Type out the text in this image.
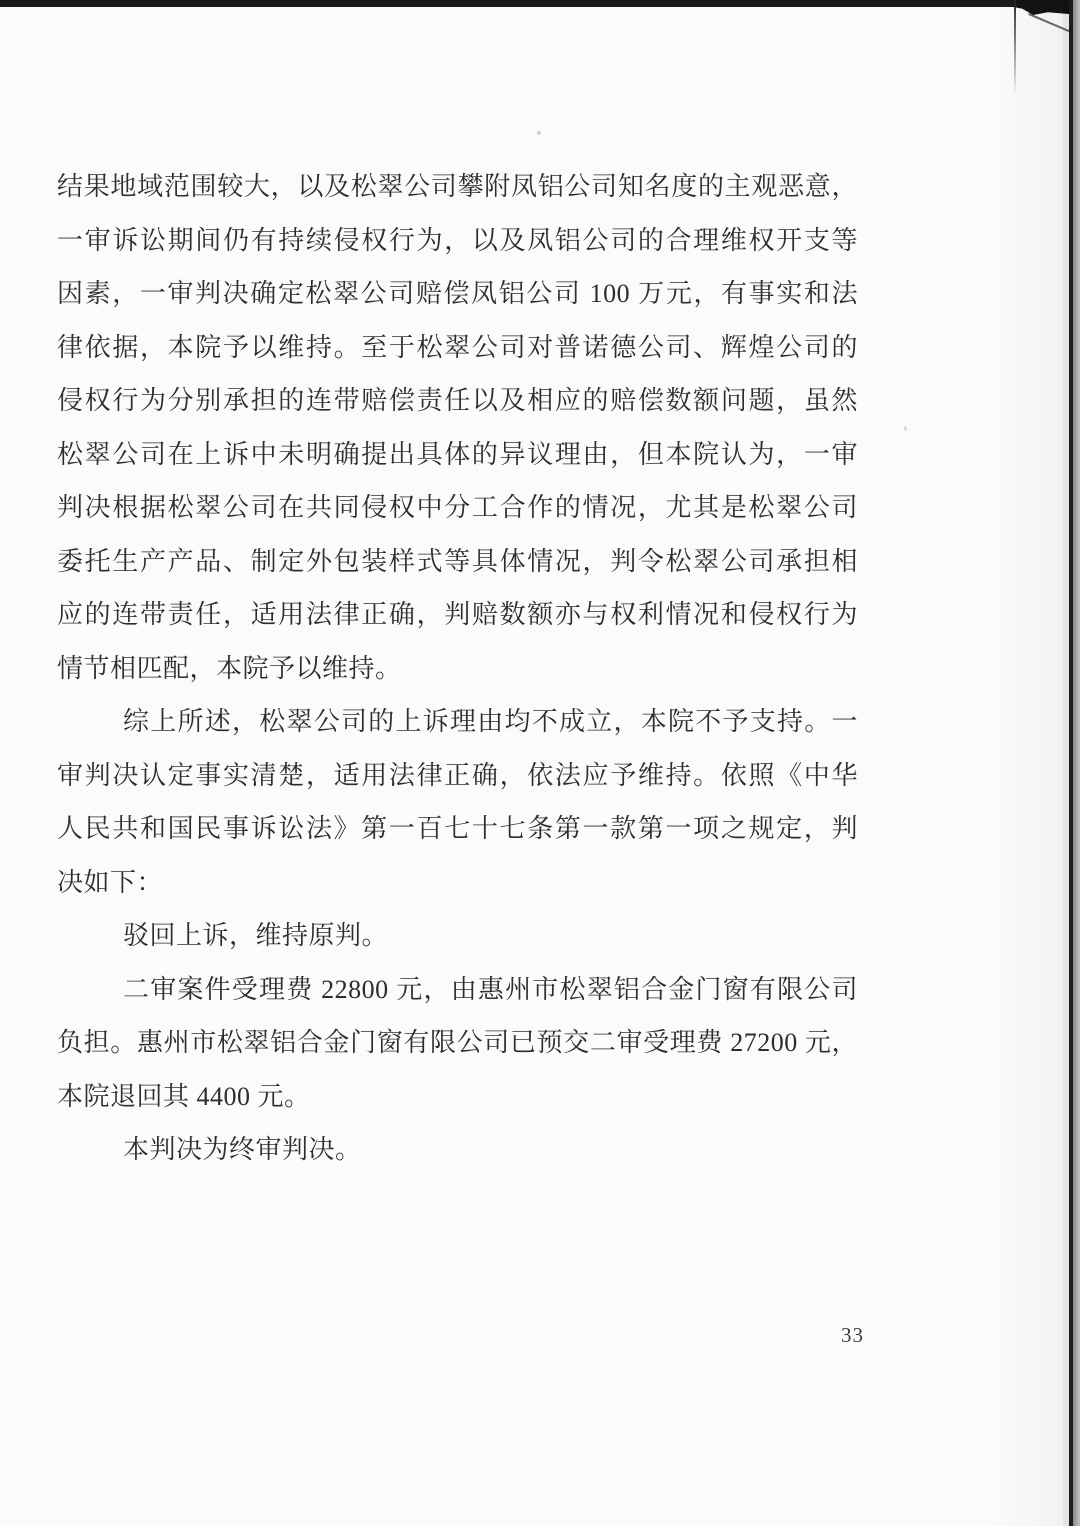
结果地域范围较大，以及松翠公司攀附凤铝公司知名度的主观恶意，
一审诉讼期间仍有持续侵权行为，以及凤铝公司的合理维权开支等
因素，一审判决确定松翠公司赔偿凤铝公司 100 万元，有事实和法
律依据，本院予以维持。至于松翠公司对普诺德公司、辉煌公司的
侵权行为分别承担的连带赔偿责任以及相应的赔偿数额问题，虽然
松翠公司在上诉中未明确提出具体的异议理由，但本院认为，一审
判决根据松翠公司在共同侵权中分工合作的情况，尤其是松翠公司
委托生产产品、制定外包装样式等具体情况，判令松翠公司承担相
应的连带责任，适用法律正确，判赔数额亦与权利情况和侵权行为
情节相匹配，本院予以维持。
综上所述，松翠公司的上诉理由均不成立，本院不予支持。一
审判决认定事实清楚，适用法律正确，依法应予维持。依照《中华
人民共和国民事诉讼法》第一百七十七条第一款第一项之规定，判
决如下：
驳回上诉，维持原判。
二审案件受理费 22800 元，由惠州市松翠铝合金门窗有限公司
负担。惠州市松翠铝合金门窗有限公司已预交二审受理费 27200 元，
本院退回其 4400 元。
本判决为终审判决。
33
